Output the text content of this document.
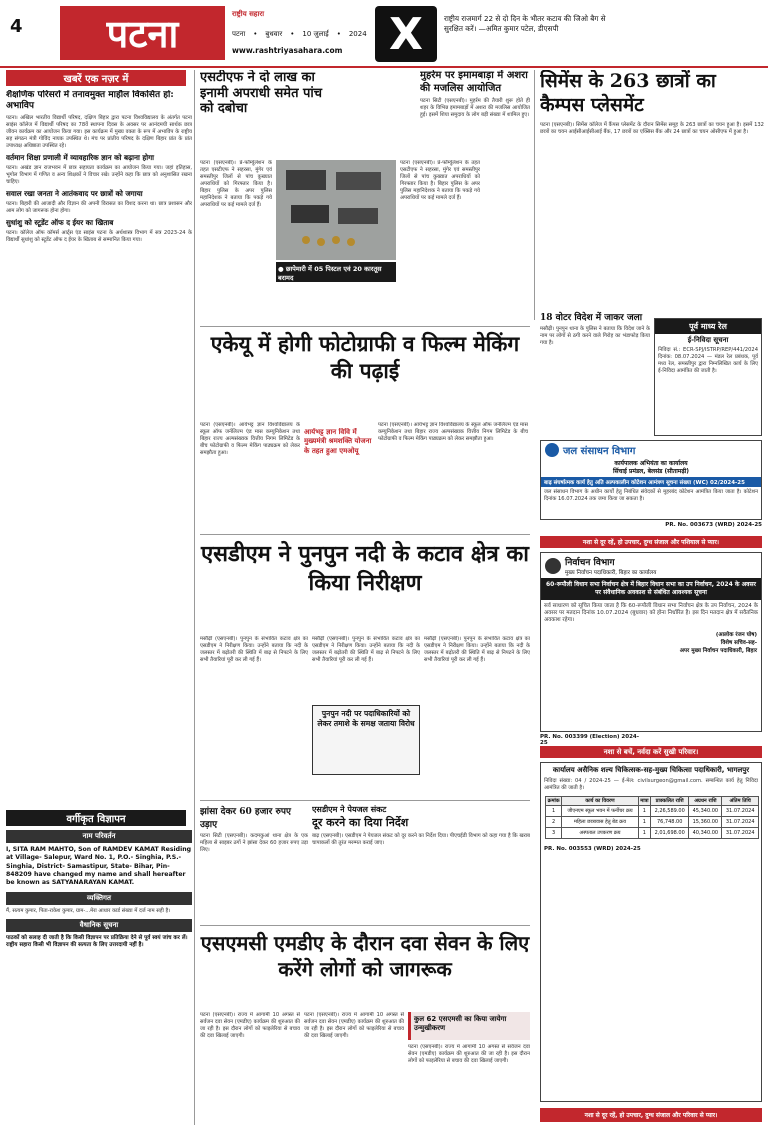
4 पटना	राष्ट्रीय सहारा
पटना • बुधवार • 10 जुलाई • 2024
www.rashtriyasahara.com	X	राष्ट्रीय राजमार्ग 22 से दो दिन के भीतर कटाव की जिओ बैग से सुरक्षित करें। —अमित कुमार पटेल, डीएसपी
खबरें एक नज़र में
शैक्षणिक परिसरों में तनावमुक्त माहौल विकसित हो: अभाविप
पटना। अखिल भारतीय विद्यार्थी परिषद, दक्षिण बिहार द्वारा पटना विश्वविद्यालय के अंतर्गत पटना साइंस कॉलेज में विद्यार्थी परिषद का 78वें स्थापना दिवस के अवसर पर आनंदमयी सार्थक छात्र जीवन कार्यक्रम का आयोजन किया गया। इस कार्यक्रम में मुख्य वक्ता के रूप में अभाविप के राष्ट्रीय सह संगठन मंत्री गोविंद नायक उपस्थित थे। मंच पर प्रांतीय परिषद के दक्षिण बिहार प्रांत के प्रांत उपाध्यक्ष अधिष्ठाता उपस्थित रहे।
वर्तमान शिक्षा प्रणाली में व्यावहारिक ज्ञान को बढ़ाना होगा
पटना। अखंड ज्ञान राजभवन में छात्र सहायता कार्यक्रम का आयोजन किया गया। जहां इतिहास, भूगोल विभाग में गणित व अन्य शिक्षकों ने विचार रखे। उन्होंने कहा कि छात्र को अनुशासित रखना चाहिए।
सवाल रखा जनता ने आतंकवाद पर छात्रों को जगाया
पटना। बिहारी की आजादी और विज्ञान की अपनी विरासत का विशद करना था। छात्र प्रशासन और आम लोग को जागरूक होना होगा।
सुधांशु को स्टूडेंट ऑफ द ईयर का खिताब
पटना। कॉलेज ऑफ कॉमर्स आर्ट्स एंड साइंस पटना के अर्थशास्त्र विभाग में सत्र 2023-24 के विद्यार्थी सुधांशु को स्टूडेंट ऑफ द ईयर के खिताब से सम्मानित किया गया।
वर्गीकृत विज्ञापन
नाम परिवर्तन
I, SITA RAM MAHTO, Son of RAMDEV KAMAT Residing at Village- Salepur, Ward No. 1, P.O.- Singhia, P.S.- Singhia, District- Samastipur, State- Bihar, Pin- 848209 have changed my name and shall hereafter be known as SATYANARAYAN KAMAT.
व्यक्तिगत
मैं, सत्यम कुमार, पिता-राकेश कुमार, ग्राम-...मेरा आधार कार्ड संख्या में दर्ज नाम सही है।
वैधानिक सूचना
पाठकों को सलाह दी जाती है कि किसी विज्ञापन पर प्रतिक्रिया देने से पूर्व स्वयं जांच कर लें। राष्ट्रीय सहारा किसी भी विज्ञापन की सत्यता के लिए उत्तरदायी नहीं है।
एसटीएफ ने दो लाख का इनामी अपराधी समेत पांच को दबोचा
पटना (एसएनबी)। प्रे-फॉर्म्युलेशन के तहत एसटीएफ ने सहरसा, मुंगेर एवं समस्तीपुर जिलों से पांच कुख्यात अपराधियों को गिरफ्तार किया है। बिहार पुलिस के अपर पुलिस महानिदेशक ने बताया कि पकड़े गये अपराधियों पर कई मामले दर्ज हैं।
● छापेमारी में 05 पिस्टल एवं 20 कारतूस बरामद
पटना (एसएनबी)। प्रे-फॉर्म्युलेशन के तहत एसटीएफ ने सहरसा, मुंगेर एवं समस्तीपुर जिलों से पांच कुख्यात अपराधियों को गिरफ्तार किया है। बिहार पुलिस के अपर पुलिस महानिदेशक ने बताया कि पकड़े गये अपराधियों पर कई मामले दर्ज हैं।
मुहर्रम पर इमामबाड़ा में अशरा की मजलिस आयोजित
पटना सिटी (एसएनबी)। मुहर्रम की तैयारी शुरू होते ही शहर के विभिन्न इमामबाड़ों में अशरा की मजलिस आयोजित हुई। इसमें शिया समुदाय के लोग बड़ी संख्या में शामिल हुए।
सिमेंस के 263 छात्रों का कैम्पस प्लेसमेंट
पटना (एसएनबी)। सिमेंस कॉलेज में कैंपस प्लेसमेंट के दौरान सिमेंस समूह के 263 छात्रों का चयन हुआ है। इसमें 132 छात्रों का चयन आईसीआईसीआई बैंक, 17 छात्रों का एक्सिस बैंक और 24 छात्रों का चयन ओसीएफ में हुआ है।
एकेयू में होगी फोटोग्राफी व फिल्म मेकिंग की पढ़ाई
पटना (एसएनबी)। आर्यभट्ट ज्ञान विश्वविद्यालय के स्कूल ऑफ जर्नलिज्म एंड मास कम्युनिकेशन तथा बिहार राज्य अल्पसंख्यक वित्तीय निगम लिमिटेड के बीच फोटोग्राफी व फिल्म मेकिंग पाठ्यक्रम को लेकर समझौता हुआ।
आर्यभट्ट ज्ञान विवि में मुख्यमंत्री श्रमशक्ति योजना के तहत हुआ एमओयू
पटना (एसएनबी)। आर्यभट्ट ज्ञान विश्वविद्यालय के स्कूल ऑफ जर्नलिज्म एंड मास कम्युनिकेशन तथा बिहार राज्य अल्पसंख्यक वित्तीय निगम लिमिटेड के बीच फोटोग्राफी व फिल्म मेकिंग पाठ्यक्रम को लेकर समझौता हुआ।
18 वोटर विदेश में जाकर जला
मसौढ़ी। पुनपुन थाना के पुलिस ने बताया कि विदेश जाने के नाम पर लोगों से ठगी करने वाले गिरोह का भंडाफोड़ किया गया है।
पूर्व माध्य रेल
ई-निविदा सूचना
निविदा सं.: ECR-SPJ/ISTRP/REP/441/2024 दिनांक: 08.07.2024 — मंडल रेल प्रबंधक, पूर्व मध्य रेल, समस्तीपुर द्वारा निम्नलिखित कार्य के लिए ई-निविदा आमंत्रित की जाती है।
जल संसाधन विभाग
कार्यपालक अभियंता का कार्यालय
सिंचाई प्रमंडल, बेलसंड (सीतामढ़ी)
बाढ़ संघर्षात्मक कार्य हेतु अति अल्पकालीन कोटेशन आमंत्रण सूचना संख्या (WC) 02/2024-25
जल संसाधन विभाग के अधीन कार्यों हेतु निबंधित संवेदकों से मुहरबंद कोटेशन आमंत्रित किया जाता है। कोटेशन दिनांक 16.07.2024 तक जमा किया जा सकता है।
PR. No. 003673 (WRD) 2024-25
नशा से दूर रहें, हो उपचार, दुग्ध संजाल और पशियाल से प्यार।
एसडीएम ने पुनपुन नदी के कटाव क्षेत्र का किया निरीक्षण
मसौढ़ी (एसएनबी)। पुनपुन के संभावित कटाव क्षेत्र का एसडीएम ने निरीक्षण किया। उन्होंने बताया कि नदी के जलस्तर में बढ़ोतरी की स्थिति में बाढ़ से निपटने के लिए सभी तैयारियां पूरी कर ली गई हैं।
पुनपुन नदी पर पदाधिकारियों को लेकर तमाशे के समक्ष जताया विरोध
मसौढ़ी (एसएनबी)। पुनपुन के संभावित कटाव क्षेत्र का एसडीएम ने निरीक्षण किया। उन्होंने बताया कि नदी के जलस्तर में बढ़ोतरी की स्थिति में बाढ़ से निपटने के लिए सभी तैयारियां पूरी कर ली गई हैं।
मसौढ़ी (एसएनबी)। पुनपुन के संभावित कटाव क्षेत्र का एसडीएम ने निरीक्षण किया। उन्होंने बताया कि नदी के जलस्तर में बढ़ोतरी की स्थिति में बाढ़ से निपटने के लिए सभी तैयारियां पूरी कर ली गई हैं।
निर्वाचन विभाग
मुख्य निर्वाचन पदाधिकारी, बिहार का कार्यालय
60-रूपौली विधान सभा निर्वाचन क्षेत्र में बिहार विधान सभा का उप निर्वाचन, 2024 के अवसर पर संवैधानिक अवकाश से संबंधित आवश्यक सूचना
सर्व साधारण को सूचित किया जाता है कि 60-रूपौली विधान सभा निर्वाचन क्षेत्र के उप निर्वाचन, 2024 के अवसर पर मतदान दिनांक 10.07.2024 (बुधवार) को होना निर्धारित है। इस दिन मतदान क्षेत्र में सवैतनिक अवकाश रहेगा।
(आलोक रंजन घोष)
विशेष सचिव-सह-
अपर मुख्य निर्वाचन पदाधिकारी, बिहार
PR. No. 003399 (Election) 2024-25
नशा से बचें, नर्वदा करें सुखी परिवार।
झांसा देकर 60 हजार रुपए उड़ाए
पटना सिटी (एसएनबी)। कदमकुआं थाना क्षेत्र के एक महिला से साइबर ठगों ने झांसा देकर 60 हजार रुपए उड़ा लिए।
एसडीएम ने पेयजल संकट
दूर करने का दिया निर्देश
बाढ़ (एसएनबी)। एसडीएम ने पेयजल संकट को दूर करने का निर्देश दिया। पीएचईडी विभाग को कहा गया है कि खराब चापाकलों की तुरंत मरम्मत कराई जाए।
एसएमसी एमडीए के दौरान दवा सेवन के लिए करेंगे लोगों को जागरूक
पटना (एसएनबी)। राज्य में आगामी 10 अगस्त से सर्वजन दवा सेवन (एमडीए) कार्यक्रम की शुरुआत की जा रही है। इस दौरान लोगों को फाइलेरिया से बचाव की दवा खिलाई जाएगी।
पटना (एसएनबी)। राज्य में आगामी 10 अगस्त से सर्वजन दवा सेवन (एमडीए) कार्यक्रम की शुरुआत की जा रही है। इस दौरान लोगों को फाइलेरिया से बचाव की दवा खिलाई जाएगी।
कुल 62 एसएमसी का किया जायेगा उन्मुखीकरण
पटना (एसएनबी)। राज्य में आगामी 10 अगस्त से सर्वजन दवा सेवन (एमडीए) कार्यक्रम की शुरुआत की जा रही है। इस दौरान लोगों को फाइलेरिया से बचाव की दवा खिलाई जाएगी।
कार्यालय असैनिक शल्य चिकित्सक-सह-मुख्य चिकित्सा पदाधिकारी, भागलपुर
निविदा संख्या: 04 / 2024-25 — ई-मेल: civilsurgeon@gmail.com. सम्बन्धित कार्य हेतु निविदा आमंत्रित की जाती है।
क्रमांक	कार्य का विवरण	मात्रा	प्राक्कलित राशि	अग्रधन राशि	अंतिम तिथि
1	जीएनएम स्कूल भवन में फर्नीचर क्रय	1	2,26,589.00	45,340.00	31.07.2024
2	महिला छात्रावास हेतु बेड क्रय	1	76,748.00	15,360.00	31.07.2024
3	अस्पताल उपकरण क्रय	1	2,01,698.00	40,340.00	31.07.2024
PR. No. 003553 (WRD) 2024-25
नशा से दूर रहें, हो उपचार, दुग्ध संजाल और परिवार से प्यार।
